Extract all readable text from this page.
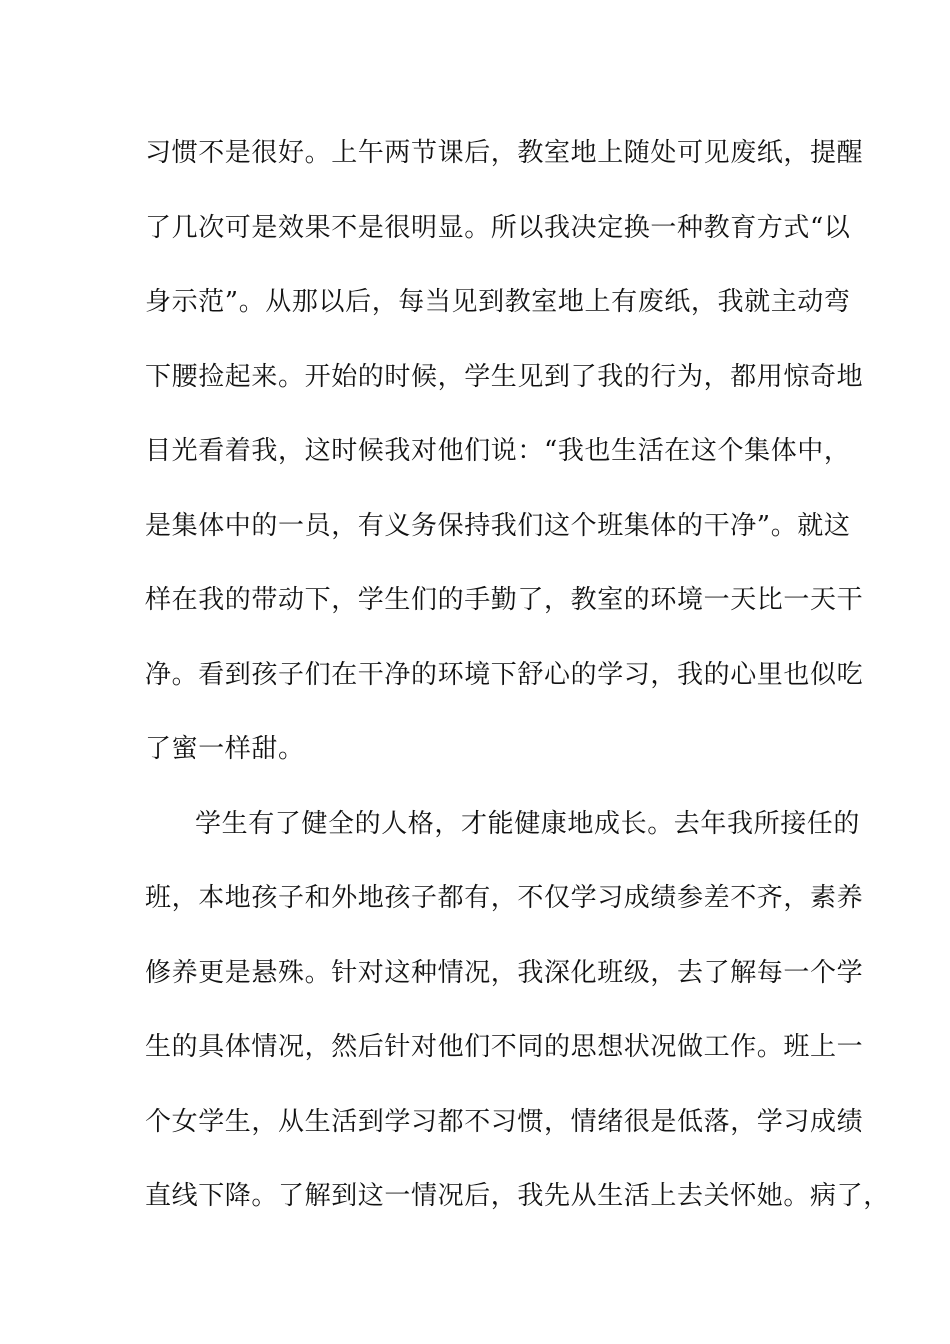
习惯不是很好。上午两节课后，教室地上随处可见废纸，提醒
了几次可是效果不是很明显。所以我决定换一种教育方式“以
身示范”。从那以后，每当见到教室地上有废纸，我就主动弯
下腰捡起来。开始的时候，学生见到了我的行为，都用惊奇地
目光看着我，这时候我对他们说：“我也生活在这个集体中，
是集体中的一员，有义务保持我们这个班集体的干净”。就这
样在我的带动下，学生们的手勤了，教室的环境一天比一天干
净。看到孩子们在干净的环境下舒心的学习，我的心里也似吃
了蜜一样甜。
学生有了健全的人格，才能健康地成长。去年我所接任的
班，本地孩子和外地孩子都有，不仅学习成绩参差不齐，素养
修养更是悬殊。针对这种情况，我深化班级，去了解每一个学
生的具体情况，然后针对他们不同的思想状况做工作。班上一
个女学生，从生活到学习都不习惯，情绪很是低落，学习成绩
直线下降。了解到这一情况后，我先从生活上去关怀她。病了，
